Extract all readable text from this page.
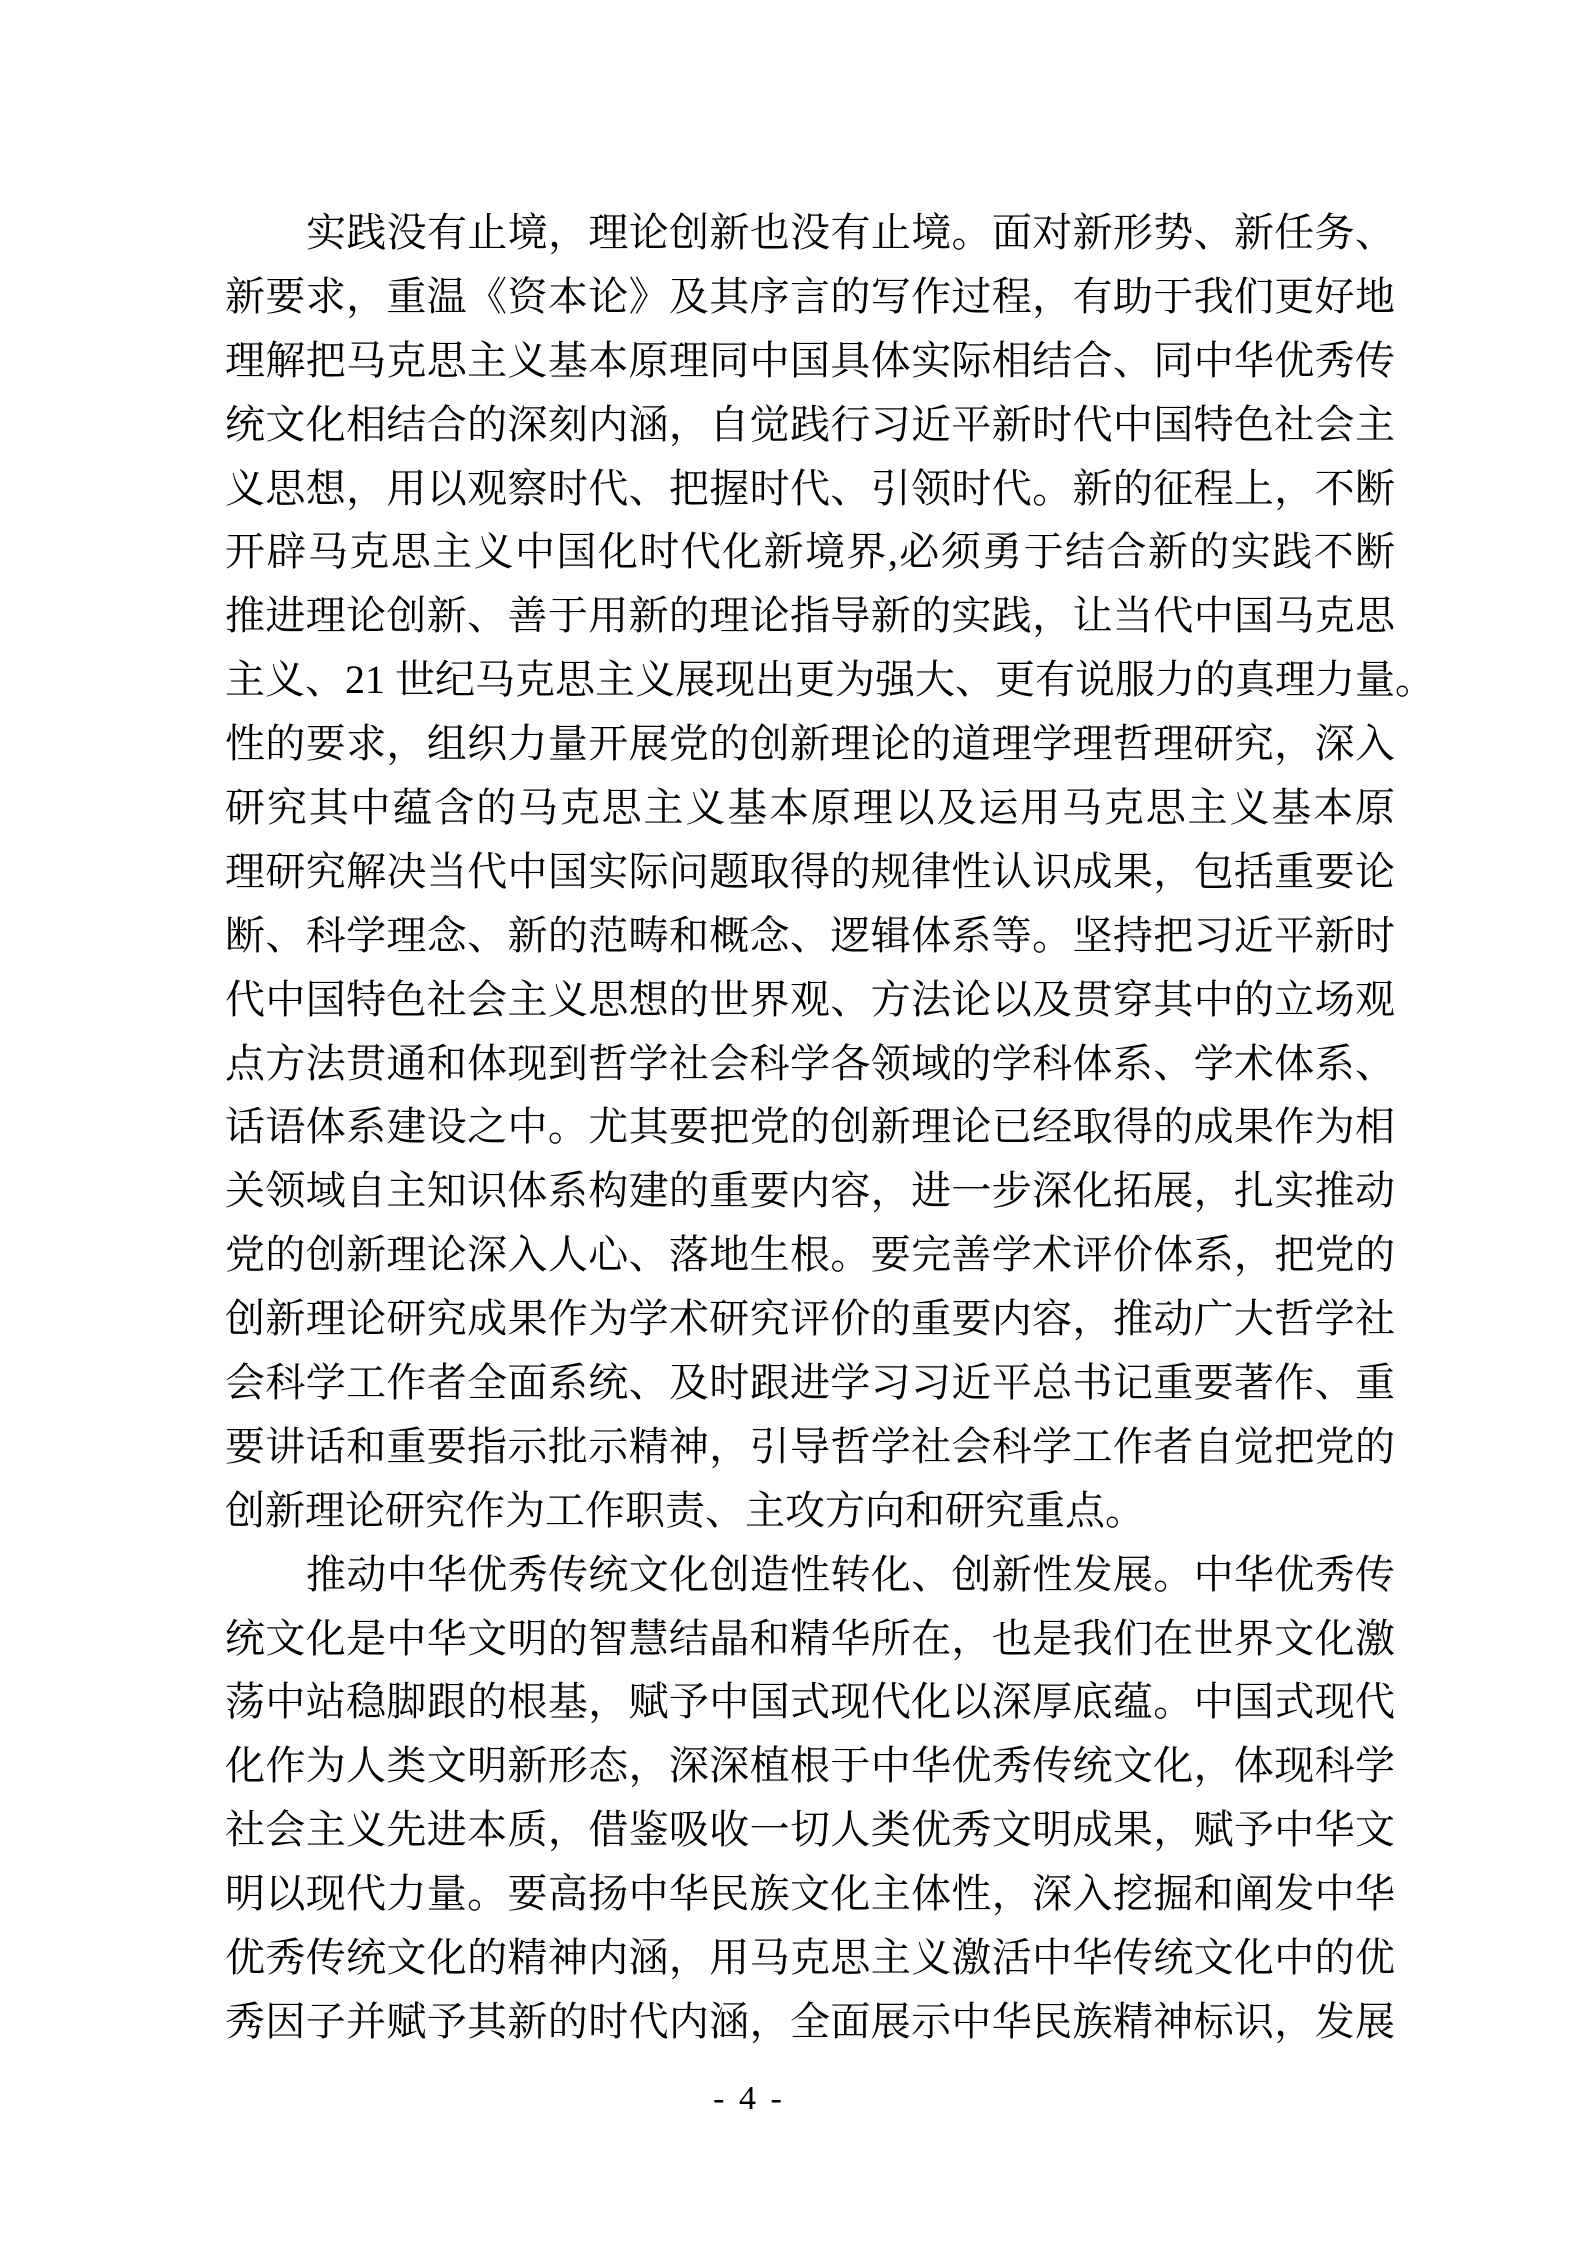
实践没有止境，理论创新也没有止境。面对新形势、新任务、
新要求，重温《资本论》及其序言的写作过程，有助于我们更好地
理解把马克思主义基本原理同中国具体实际相结合、同中华优秀传
统文化相结合的深刻内涵，自觉践行习近平新时代中国特色社会主
义思想，用以观察时代、把握时代、引领时代。新的征程上，不断
开辟马克思主义中国化时代化新境界,必须勇于结合新的实践不断
推进理论创新、善于用新的理论指导新的实践，让当代中国马克思
主义、21 世纪马克思主义展现出更为强大、更有说服力的真理力量。
性的要求，组织力量开展党的创新理论的道理学理哲理研究，深入
研究其中蕴含的马克思主义基本原理以及运用马克思主义基本原
理研究解决当代中国实际问题取得的规律性认识成果，包括重要论
断、科学理念、新的范畴和概念、逻辑体系等。坚持把习近平新时
代中国特色社会主义思想的世界观、方法论以及贯穿其中的立场观
点方法贯通和体现到哲学社会科学各领域的学科体系、学术体系、
话语体系建设之中。尤其要把党的创新理论已经取得的成果作为相
关领域自主知识体系构建的重要内容，进一步深化拓展，扎实推动
党的创新理论深入人心、落地生根。要完善学术评价体系，把党的
创新理论研究成果作为学术研究评价的重要内容，推动广大哲学社
会科学工作者全面系统、及时跟进学习习近平总书记重要著作、重
要讲话和重要指示批示精神，引导哲学社会科学工作者自觉把党的
创新理论研究作为工作职责、主攻方向和研究重点。
推动中华优秀传统文化创造性转化、创新性发展。中华优秀传
统文化是中华文明的智慧结晶和精华所在，也是我们在世界文化激
荡中站稳脚跟的根基，赋予中国式现代化以深厚底蕴。中国式现代
化作为人类文明新形态，深深植根于中华优秀传统文化，体现科学
社会主义先进本质，借鉴吸收一切人类优秀文明成果，赋予中华文
明以现代力量。要高扬中华民族文化主体性，深入挖掘和阐发中华
优秀传统文化的精神内涵，用马克思主义激活中华传统文化中的优
秀因子并赋予其新的时代内涵，全面展示中华民族精神标识，发展
- 4 -
